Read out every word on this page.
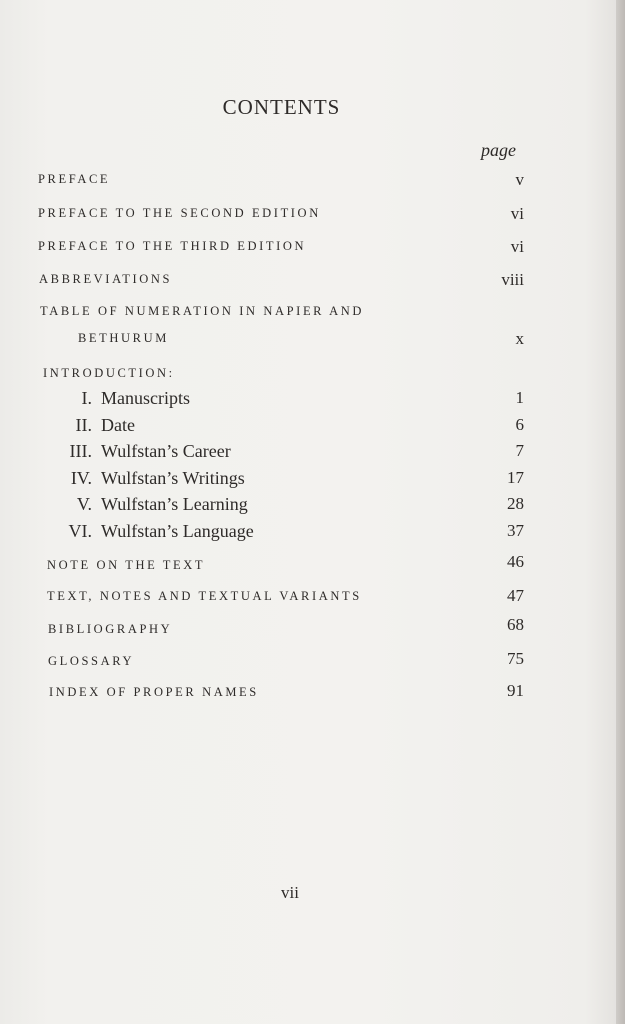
CONTENTS
page
PREFACE	v
PREFACE TO THE SECOND EDITION	vi
PREFACE TO THE THIRD EDITION	vi
ABBREVIATIONS	viii
TABLE OF NUMERATION IN NAPIER AND
BETHURUM	x
INTRODUCTION:
I. Manuscripts	1
II. Date	6
III. Wulfstan’s Career	7
IV. Wulfstan’s Writings	17
V. Wulfstan’s Learning	28
VI. Wulfstan’s Language	37
NOTE ON THE TEXT	46
TEXT, NOTES AND TEXTUAL VARIANTS	47
BIBLIOGRAPHY	68
GLOSSARY	75
INDEX OF PROPER NAMES	91
vii
